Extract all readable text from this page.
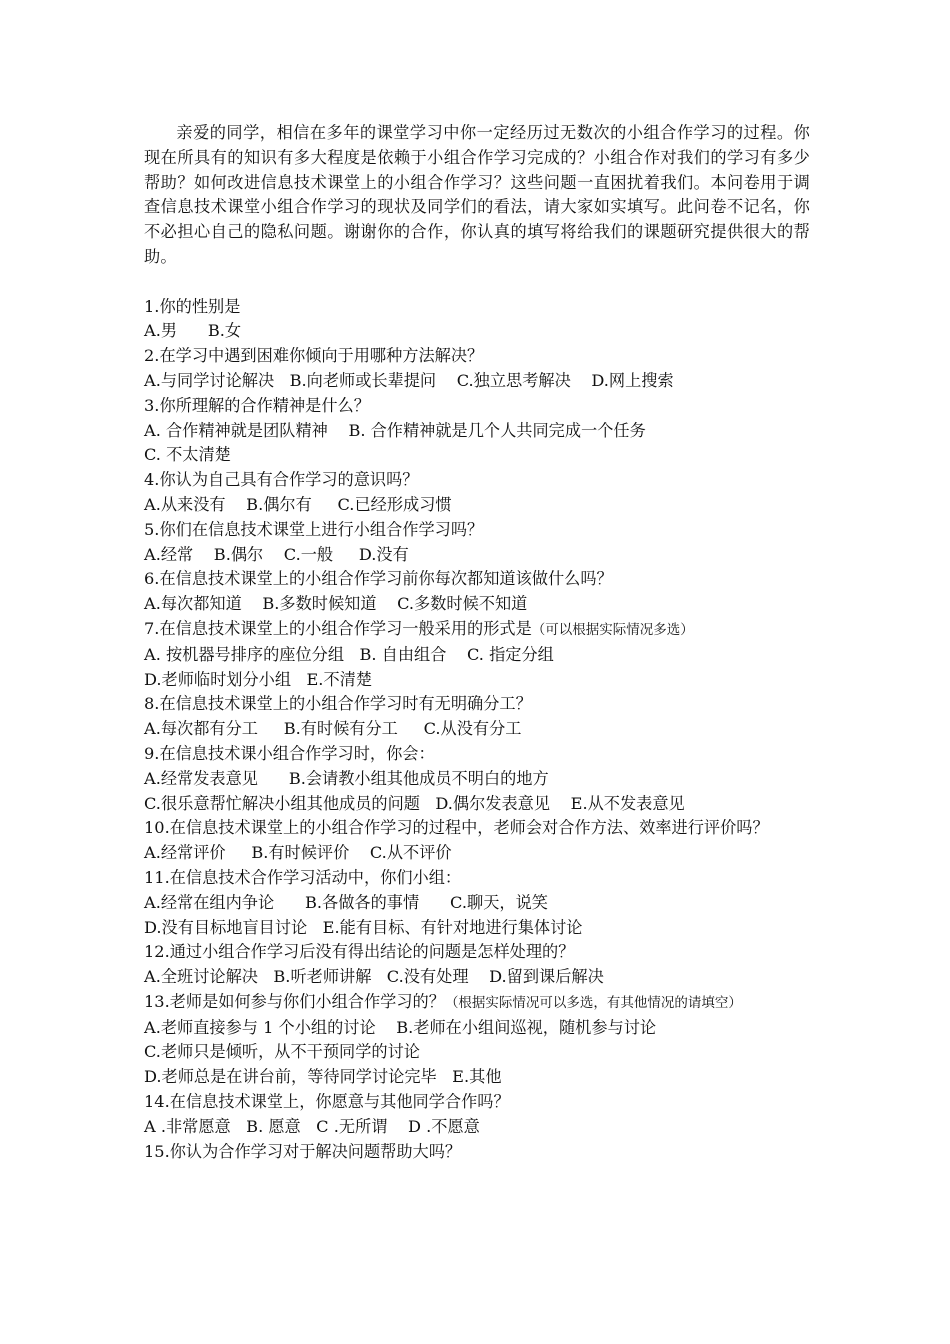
亲爱的同学，相信在多年的课堂学习中你一定经历过无数次的小组合作学习的过程。你现在所具有的知识有多大程度是依赖于小组合作学习完成的？小组合作对我们的学习有多少帮助？如何改进信息技术课堂上的小组合作学习？这些问题一直困扰着我们。本问卷用于调查信息技术课堂小组合作学习的现状及同学们的看法，请大家如实填写。此问卷不记名，你不必担心自己的隐私问题。谢谢你的合作，你认真的填写将给我们的课题研究提供很大的帮助。

1.你的性别是

A.男      B.女

2.在学习中遇到困难你倾向于用哪种方法解决？

A.与同学讨论解决   B.向老师或长辈提问    C.独立思考解决    D.网上搜索

3.你所理解的合作精神是什么？

A. 合作精神就是团队精神    B. 合作精神就是几个人共同完成一个任务

C. 不太清楚

4.你认为自己具有合作学习的意识吗？

A.从来没有    B.偶尔有     C.已经形成习惯

5.你们在信息技术课堂上进行小组合作学习吗？

A.经常    B.偶尔    C.一般     D.没有

6.在信息技术课堂上的小组合作学习前你每次都知道该做什么吗？

A.每次都知道    B.多数时候知道    C.多数时候不知道

7.在信息技术课堂上的小组合作学习一般采用的形式是（可以根据实际情况多选）

A. 按机器号排序的座位分组   B. 自由组合    C. 指定分组

D.老师临时划分小组   E.不清楚

8.在信息技术课堂上的小组合作学习时有无明确分工？

A.每次都有分工     B.有时候有分工     C.从没有分工

9.在信息技术课小组合作学习时，你会：

A.经常发表意见      B.会请教小组其他成员不明白的地方

C.很乐意帮忙解决小组其他成员的问题   D.偶尔发表意见    E.从不发表意见

10.在信息技术课堂上的小组合作学习的过程中，老师会对合作方法、效率进行评价吗？

A.经常评价     B.有时候评价    C.从不评价

11.在信息技术合作学习活动中，你们小组：

A.经常在组内争论      B.各做各的事情      C.聊天，说笑

D.没有目标地盲目讨论   E.能有目标、有针对地进行集体讨论

12.通过小组合作学习后没有得出结论的问题是怎样处理的？

A.全班讨论解决   B.听老师讲解   C.没有处理    D.留到课后解决

13.老师是如何参与你们小组合作学习的？（根据实际情况可以多选，有其他情况的请填空）

A.老师直接参与 1 个小组的讨论    B.老师在小组间巡视，随机参与讨论

C.老师只是倾听，从不干预同学的讨论

D.老师总是在讲台前，等待同学讨论完毕   E.其他

14.在信息技术课堂上，你愿意与其他同学合作吗？

A .非常愿意   B. 愿意   C .无所谓    D .不愿意

15.你认为合作学习对于解决问题帮助大吗？
